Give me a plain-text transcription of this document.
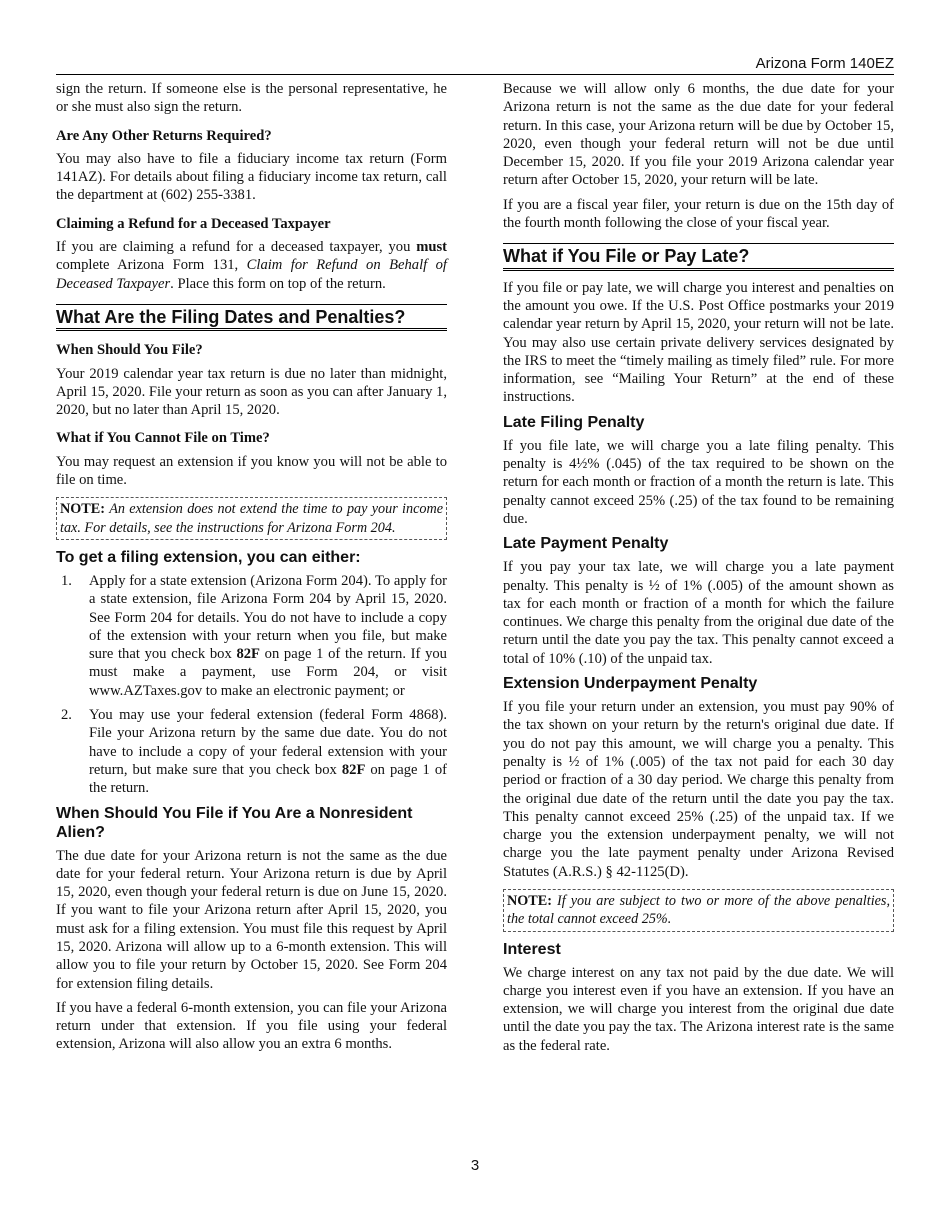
Arizona Form 140EZ

sign the return. If someone else is the personal representative, he or she must also sign the return.

Are Any Other Returns Required?

You may also have to file a fiduciary income tax return (Form 141AZ). For details about filing a fiduciary income tax return, call the department at (602) 255-3381.

Claiming a Refund for a Deceased Taxpayer

If you are claiming a refund for a deceased taxpayer, you must complete Arizona Form 131, Claim for Refund on Behalf of Deceased Taxpayer. Place this form on top of the return.

What Are the Filing Dates and Penalties?
When Should You File?

Your 2019 calendar year tax return is due no later than midnight, April 15, 2020. File your return as soon as you can after January 1, 2020, but no later than April 15, 2020.

What if You Cannot File on Time?

You may request an extension if you know you will not be able to file on time.

NOTE: An extension does not extend the time to pay your income tax. For details, see the instructions for Arizona Form 204.
To get a filing extension, you can either:
1.	Apply for a state extension (Arizona Form 204). To apply for a state extension, file Arizona Form 204 by April 15, 2020. See Form 204 for details. You do not have to include a copy of the extension with your return when you file, but make sure that you check box 82F on page 1 of the return. If you must make a payment, use Form 204, or visit www.AZTaxes.gov to make an electronic payment; or
2.	You may use your federal extension (federal Form 4868). File your Arizona return by the same due date. You do not have to include a copy of your federal extension with your return, but make sure that you check box 82F on page 1 of the return.
When Should You File if You Are a Nonresident Alien?

The due date for your Arizona return is not the same as the due date for your federal return. Your Arizona return is due by April 15, 2020, even though your federal return is due on June 15, 2020. If you want to file your Arizona return after April 15, 2020, you must ask for a filing extension. You must file this request by April 15, 2020. Arizona will allow up to a 6-month extension. This will allow you to file your return by October 15, 2020. See Form 204 for extension filing details.

If you have a federal 6-month extension, you can file your Arizona return under that extension. If you file using your federal extension, Arizona will also allow you an extra 6 months.

Because we will allow only 6 months, the due date for your Arizona return is not the same as the due date for your federal return. In this case, your Arizona return will be due by October 15, 2020, even though your federal return will not be due until December 15, 2020. If you file your 2019 Arizona calendar year return after October 15, 2020, your return will be late.

If you are a fiscal year filer, your return is due on the 15th day of the fourth month following the close of your fiscal year.

What if You File or Pay Late?

If you file or pay late, we will charge you interest and penalties on the amount you owe. If the U.S. Post Office postmarks your 2019 calendar year return by April 15, 2020, your return will not be late. You may also use certain private delivery services designated by the IRS to meet the “timely mailing as timely filed” rule. For more information, see “Mailing Your Return” at the end of these instructions.

Late Filing Penalty

If you file late, we will charge you a late filing penalty. This penalty is 4½% (.045) of the tax required to be shown on the return for each month or fraction of a month the return is late. This penalty cannot exceed 25% (.25) of the tax found to be remaining due.

Late Payment Penalty

If you pay your tax late, we will charge you a late payment penalty. This penalty is ½ of 1% (.005) of the amount shown as tax for each month or fraction of a month for which the failure continues. We charge this penalty from the original due date of the return until the date you pay the tax. This penalty cannot exceed a total of 10% (.10) of the unpaid tax.

Extension Underpayment Penalty

If you file your return under an extension, you must pay 90% of the tax shown on your return by the return's original due date. If you do not pay this amount, we will charge you a penalty. This penalty is ½ of 1% (.005) of the tax not paid for each 30 day period or fraction of a 30 day period. We charge this penalty from the original due date of the return until the date you pay the tax. This penalty cannot exceed 25% (.25) of the unpaid tax. If we charge you the extension underpayment penalty, we will not charge you the late payment penalty under Arizona Revised Statutes (A.R.S.) § 42-1125(D).

NOTE: If you are subject to two or more of the above penalties, the total cannot exceed 25%.
Interest

We charge interest on any tax not paid by the due date. We will charge you interest even if you have an extension. If you have an extension, we will charge you interest from the original due date until the date you pay the tax. The Arizona interest rate is the same as the federal rate.

3
